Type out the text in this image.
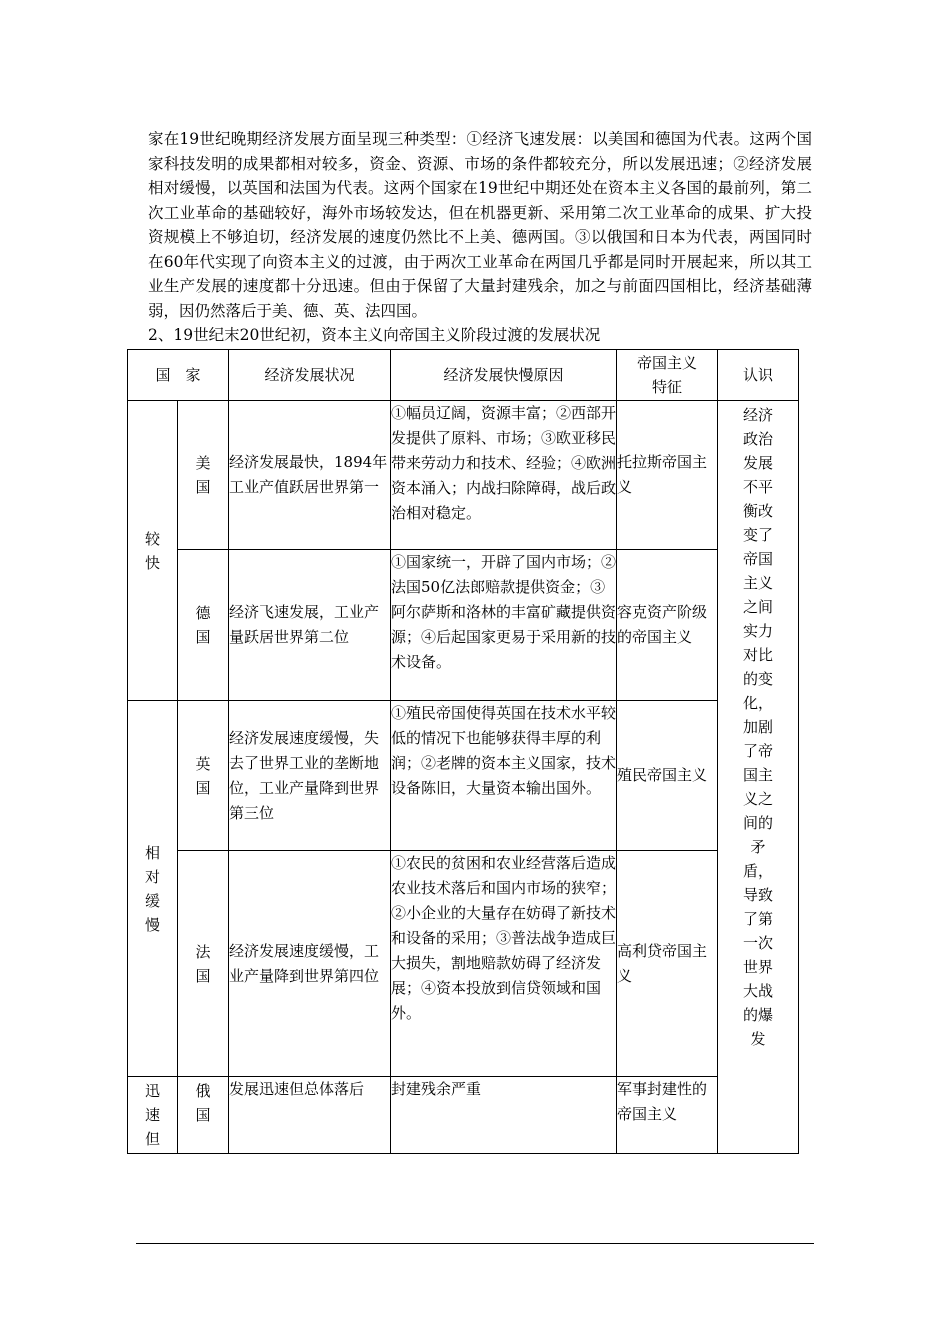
家在19世纪晚期经济发展方面呈现三种类型：①经济飞速发展：以美国和德国为代表。这两个国家科技发明的成果都相对较多，资金、资源、市场的条件都较充分，所以发展迅速；②经济发展相对缓慢，以英国和法国为代表。这两个国家在19世纪中期还处在资本主义各国的最前列，第二次工业革命的基础较好，海外市场较发达，但在机器更新、采用第二次工业革命的成果、扩大投资规模上不够迫切，经济发展的速度仍然比不上美、德两国。③以俄国和日本为代表，两国同时在60年代实现了向资本主义的过渡，由于两次工业革命在两国几乎都是同时开展起来，所以其工业生产发展的速度都十分迅速。但由于保留了大量封建残余，加之与前面四国相比，经济基础薄弱，因仍然落后于美、德、英、法四国。

2、19世纪末20世纪初，资本主义向帝国主义阶段过渡的发展状况

国　家		经济发展状况	经济发展快慢原因	帝国主义特征	认识
较快	美国	经济发展最快，1894年工业产值跃居世界第一	①幅员辽阔，资源丰富；②西部开发提供了原料、市场；③欧亚移民带来劳动力和技术、经验；④欧洲资本涌入；内战扫除障碍，战后政治相对稳定。	托拉斯帝国主义	经济政治发展不平衡改变了帝国主义之间实力对比的变化，加剧了帝国主义之间的矛盾，导致了第一次世界大战的爆发
	德国	经济飞速发展，工业产量跃居世界第二位	①国家统一，开辟了国内市场；②法国50亿法郎赔款提供资金；③阿尔萨斯和洛林的丰富矿藏提供资源；④后起国家更易于采用新的技术设备。	容克资产阶级的帝国主义	
相对缓慢	英国	经济发展速度缓慢，失去了世界工业的垄断地位，工业产量降到世界第三位	①殖民帝国使得英国在技术水平较低的情况下也能够获得丰厚的利润；②老牌的资本主义国家，技术设备陈旧，大量资本输出国外。	殖民帝国主义	
	法国	经济发展速度缓慢，工业产量降到世界第四位	①农民的贫困和农业经营落后造成农业技术落后和国内市场的狭窄；②小企业的大量存在妨碍了新技术和设备的采用；③普法战争造成巨大损失，割地赔款妨碍了经济发展；④资本投放到信贷领域和国外。	高利贷帝国主义	
迅速但	俄国	发展迅速但总体落后	封建残余严重	军事封建性的帝国主义	
